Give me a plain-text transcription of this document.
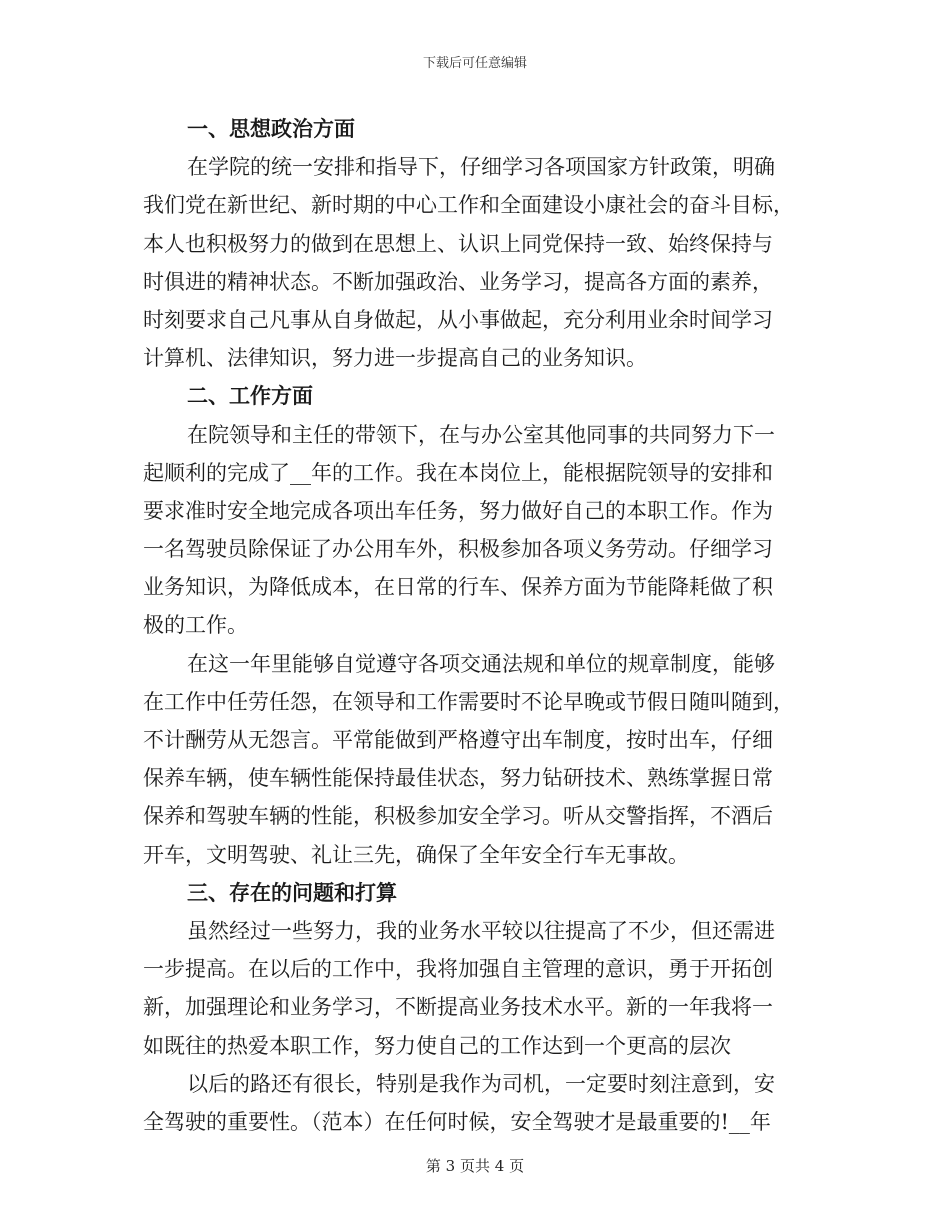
下载后可任意编辑
一、思想政治方面
在学院的统一安排和指导下，仔细学习各项国家方针政策，明确
我们党在新世纪、新时期的中心工作和全面建设小康社会的奋斗目标，
本人也积极努力的做到在思想上、认识上同党保持一致、始终保持与
时俱进的精神状态。不断加强政治、业务学习，提高各方面的素养，
时刻要求自己凡事从自身做起，从小事做起，充分利用业余时间学习
计算机、法律知识，努力进一步提高自己的业务知识。
二、工作方面
在院领导和主任的带领下，在与办公室其他同事的共同努力下一
起顺利的完成了__年的工作。我在本岗位上，能根据院领导的安排和
要求准时安全地完成各项出车任务，努力做好自己的本职工作。作为
一名驾驶员除保证了办公用车外，积极参加各项义务劳动。仔细学习
业务知识，为降低成本，在日常的行车、保养方面为节能降耗做了积
极的工作。
在这一年里能够自觉遵守各项交通法规和单位的规章制度，能够
在工作中任劳任怨，在领导和工作需要时不论早晚或节假日随叫随到，
不计酬劳从无怨言。平常能做到严格遵守出车制度，按时出车，仔细
保养车辆，使车辆性能保持最佳状态，努力钻研技术、熟练掌握日常
保养和驾驶车辆的性能，积极参加安全学习。听从交警指挥，不酒后
开车，文明驾驶、礼让三先，确保了全年安全行车无事故。
三、存在的问题和打算
虽然经过一些努力，我的业务水平较以往提高了不少，但还需进
一步提高。在以后的工作中，我将加强自主管理的意识，勇于开拓创
新，加强理论和业务学习，不断提高业务技术水平。新的一年我将一
如既往的热爱本职工作，努力使自己的工作达到一个更高的层次
以后的路还有很长，特别是我作为司机，一定要时刻注意到，安
全驾驶的重要性。（范本）在任何时候，安全驾驶才是最重要的!__年
第 3 页共 4 页
